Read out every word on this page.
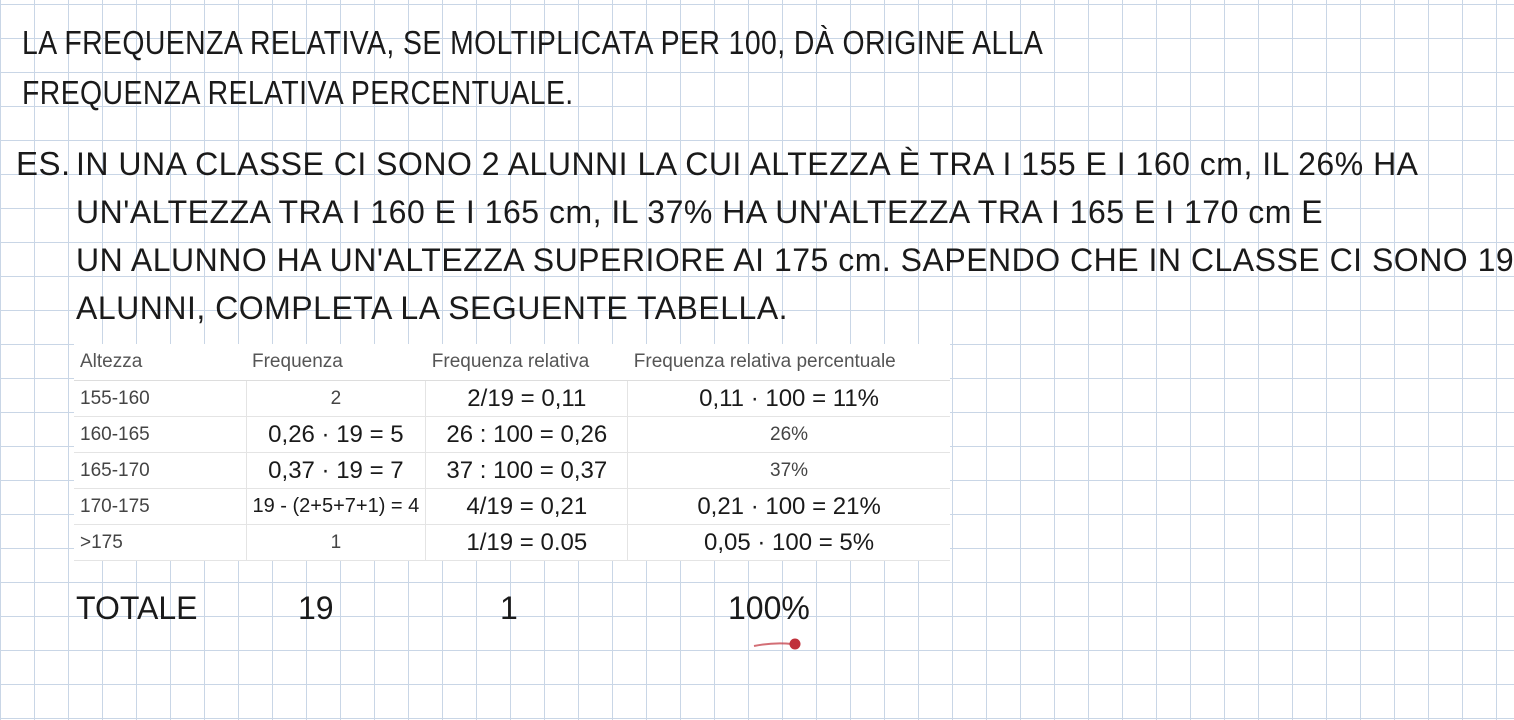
LA FREQUENZA RELATIVA, SE MOLTIPLICATA PER 100, DÀ ORIGINE ALLA FREQUENZA RELATIVA PERCENTUALE.
ES. IN UNA CLASSE CI SONO 2 ALUNNI LA CUI ALTEZZA È TRA I 155 E I 160 cm, IL 26% HA
UN'ALTEZZA TRA I 160 E I 165 cm, IL 37% HA UN'ALTEZZA TRA I 165 E I 170 cm E
UN ALUNNO HA UN'ALTEZZA SUPERIORE AI 175 cm. SAPENDO CHE IN CLASSE CI SONO 19
ALUNNI, COMPLETA LA SEGUENTE TABELLA.
Altezza	Frequenza	Frequenza relativa	Frequenza relativa percentuale
155-160	2	2/19 = 0,11	0,11 · 100 = 11%
160-165	0,26 · 19 = 5	26 : 100 = 0,26	26%
165-170	0,37 · 19 = 7	37 : 100 = 0,37	37%
170-175	19 - (2+5+7+1) = 4	4/19 = 0,21	0,21 · 100 = 21%
>175	1	1/19 = 0.05	0,05 · 100 = 5%
TOTALE	19	1	100%
